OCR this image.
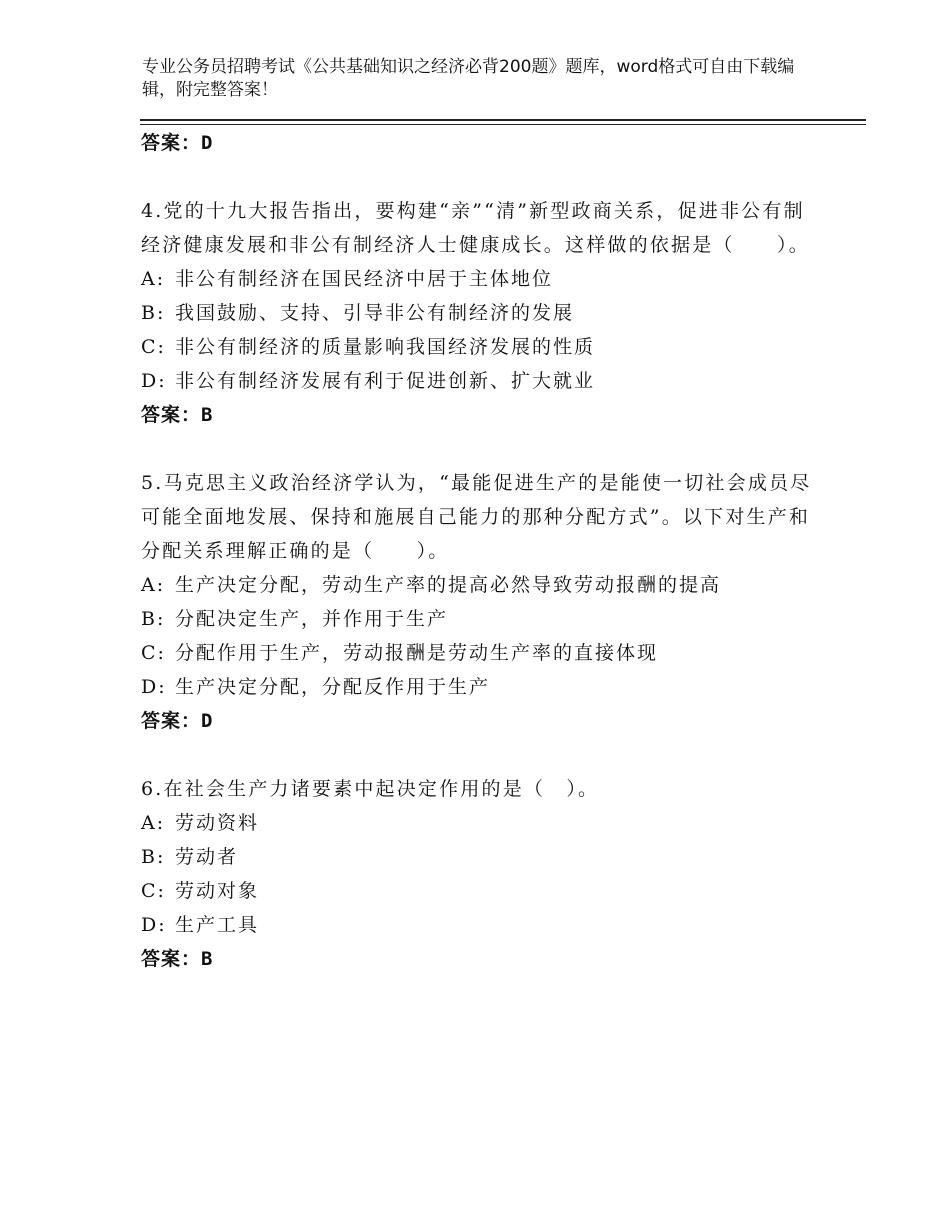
专业公务员招聘考试《公共基础知识之经济必背200题》题库，word格式可自由下载编辑，附完整答案！
答案：D

4.党的十九大报告指出，要构建“亲”“清”新型政商关系，促进非公有制经济健康发展和非公有制经济人士健康成长。这样做的依据是（　　）。

A: 非公有制经济在国民经济中居于主体地位
B: 我国鼓励、支持、引导非公有制经济的发展
C: 非公有制经济的质量影响我国经济发展的性质
D: 非公有制经济发展有利于促进创新、扩大就业
答案：B

5.马克思主义政治经济学认为，“最能促进生产的是能使一切社会成员尽可能全面地发展、保持和施展自己能力的那种分配方式”。以下对生产和分配关系理解正确的是（　　）。

A: 生产决定分配，劳动生产率的提高必然导致劳动报酬的提高
B: 分配决定生产，并作用于生产
C: 分配作用于生产，劳动报酬是劳动生产率的直接体现
D: 生产决定分配，分配反作用于生产
答案：D

6.在社会生产力诸要素中起决定作用的是（　）。

A: 劳动资料
B: 劳动者
C: 劳动对象
D: 生产工具
答案：B
